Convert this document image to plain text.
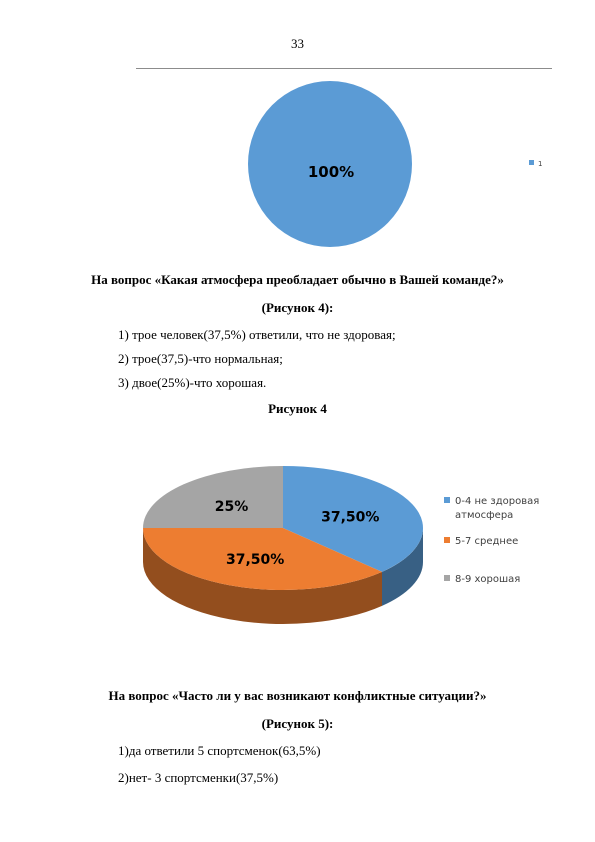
33
100%	1
На вопрос «Какая атмосфера преобладает обычно в Вашей команде?»
(Рисунок 4):
1) трое человек(37,5%) ответили, что не здоровая;
2) трое(37,5)-что нормальная;
3) двое(25%)-что хорошая.
Рисунок 4
37,50%
37,50%
25%	0-4 не здоровая атмосфера
5-7 среднее
8-9 хорошая
На вопрос «Часто ли у вас возникают конфликтные ситуации?»
(Рисунок 5):
1)да ответили 5 спортсменок(63,5%)
2)нет- 3 спортсменки(37,5%)
